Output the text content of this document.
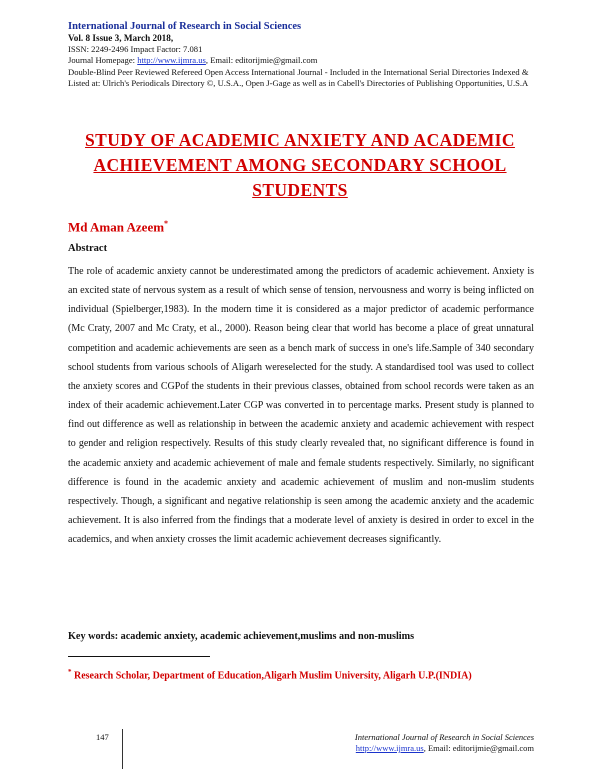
International Journal of Research in Social Sciences
Vol. 8 Issue 3, March 2018,
ISSN: 2249-2496 Impact Factor: 7.081
Journal Homepage: http://www.ijmra.us, Email: editorijmie@gmail.com
Double-Blind Peer Reviewed Refereed Open Access International Journal - Included in the International Serial Directories Indexed & Listed at: Ulrich's Periodicals Directory ©, U.S.A., Open J-Gage as well as in Cabell's Directories of Publishing Opportunities, U.S.A
STUDY OF ACADEMIC ANXIETY AND ACADEMIC ACHIEVEMENT AMONG SECONDARY SCHOOL STUDENTS
Md Aman Azeem*
Abstract
The role of academic anxiety cannot be underestimated among the predictors of academic achievement. Anxiety is an excited state of nervous system as a result of which sense of tension, nervousness and worry is being inflicted on individual (Spielberger,1983). In the modern time it is considered as a major predictor of academic performance (Mc Craty, 2007 and Mc Craty, et al., 2000). Reason being clear that world has become a place of great unnatural competition and academic achievements are seen as a bench mark of success in one's life.Sample of 340 secondary school students from various schools of Aligarh wereselected for the study. A standardised tool was used to collect the anxiety scores and CGPof the students in their previous classes, obtained from school records were taken as an index of their academic achievement.Later CGP was converted in to percentage marks. Present study is planned to find out difference as well as relationship in between the academic anxiety and academic achievement with respect to gender and religion respectively. Results of this study clearly revealed that, no significant difference is found in the academic anxiety and academic achievement of male and female students respectively. Similarly, no significant difference is found in the academic anxiety and academic achievement of muslim and non-muslim students respectively. Though, a significant and negative relationship is seen among the academic anxiety and the academic achievement. It is also inferred from the findings that a moderate level of anxiety is desired in order to excel in the academics, and when anxiety crosses the limit academic achievement decreases significantly.
Key words: academic anxiety, academic achievement,muslims and non-muslims
* Research Scholar, Department of Education,Aligarh Muslim University, Aligarh U.P.(INDIA)
147	International Journal of Research in Social Sciences
http://www.ijmra.us, Email: editorijmie@gmail.com
